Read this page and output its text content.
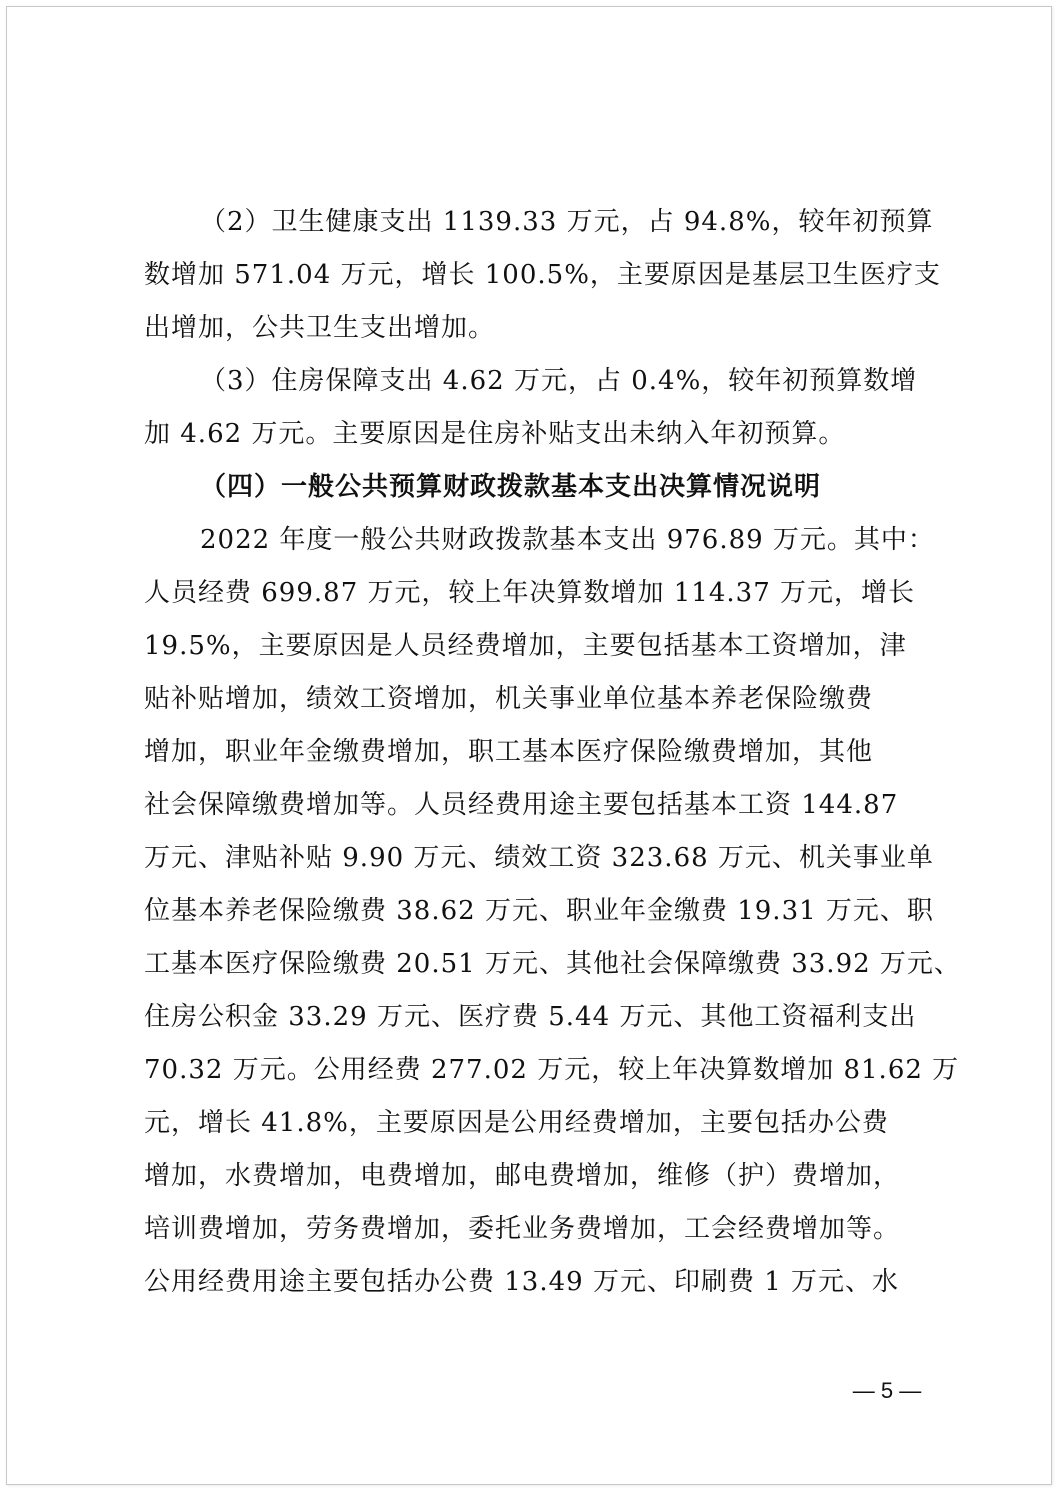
（2）卫生健康支出 1139.33 万元，占 94.8%，较年初预算
数增加 571.04 万元，增长 100.5%，主要原因是基层卫生医疗支
出增加，公共卫生支出增加。
（3）住房保障支出 4.62 万元，占 0.4%，较年初预算数增
加 4.62 万元。主要原因是住房补贴支出未纳入年初预算。
（四）一般公共预算财政拨款基本支出决算情况说明
2022 年度一般公共财政拨款基本支出 976.89 万元。其中：
人员经费 699.87 万元，较上年决算数增加 114.37 万元，增长
19.5%，主要原因是人员经费增加，主要包括基本工资增加，津
贴补贴增加，绩效工资增加，机关事业单位基本养老保险缴费
增加，职业年金缴费增加，职工基本医疗保险缴费增加，其他
社会保障缴费增加等。人员经费用途主要包括基本工资 144.87
万元、津贴补贴 9.90 万元、绩效工资 323.68 万元、机关事业单
位基本养老保险缴费 38.62 万元、职业年金缴费 19.31 万元、职
工基本医疗保险缴费 20.51 万元、其他社会保障缴费 33.92 万元、
住房公积金 33.29 万元、医疗费 5.44 万元、其他工资福利支出
70.32 万元。公用经费 277.02 万元，较上年决算数增加 81.62 万
元，增长 41.8%，主要原因是公用经费增加，主要包括办公费
增加，水费增加，电费增加，邮电费增加，维修（护）费增加，
培训费增加，劳务费增加，委托业务费增加，工会经费增加等。
公用经费用途主要包括办公费 13.49 万元、印刷费 1 万元、水
— 5 —
